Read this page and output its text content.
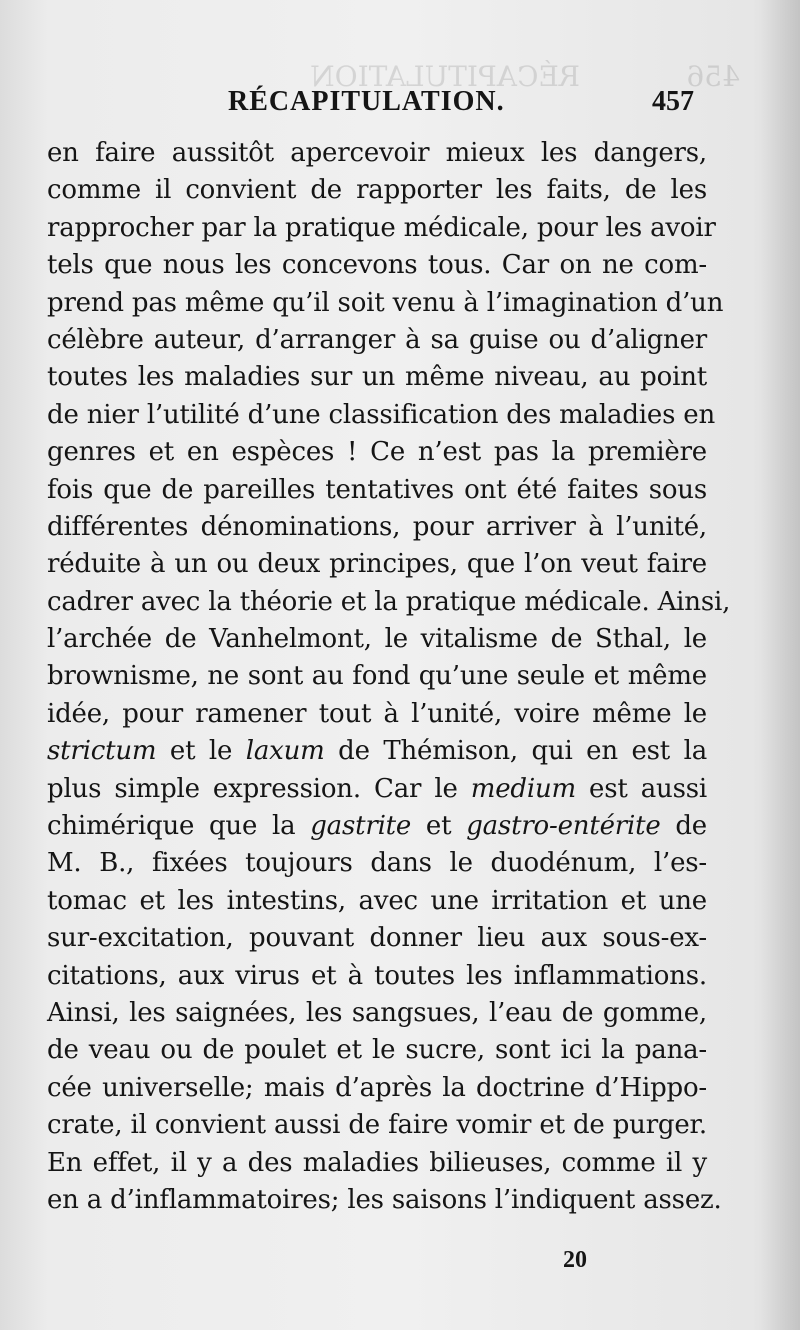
456
RÉCAPITULATION
RÉCAPITULATION.	457
en faire aussitôt apercevoir mieux les dangers,
comme il convient de rapporter les faits, de les
rapprocher par la pratique médicale, pour les avoir
tels que nous les concevons tous. Car on ne com-
prend pas même qu’il soit venu à l’imagination d’un
célèbre auteur, d’arranger à sa guise ou d’aligner
toutes les maladies sur un même niveau, au point
de nier l’utilité d’une classification des maladies en
genres et en espèces ! Ce n’est pas la première
fois que de pareilles tentatives ont été faites sous
différentes dénominations, pour arriver à l’unité,
réduite à un ou deux principes, que l’on veut faire
cadrer avec la théorie et la pratique médicale. Ainsi,
l’archée de Vanhelmont, le vitalisme de Sthal, le
brownisme, ne sont au fond qu’une seule et même
idée, pour ramener tout à l’unité, voire même le
strictum et le laxum de Thémison, qui en est la
plus simple expression. Car le medium est aussi
chimérique que la gastrite et gastro-entérite de
M. B., fixées toujours dans le duodénum, l’es-
tomac et les intestins, avec une irritation et une
sur-excitation, pouvant donner lieu aux sous-ex-
citations, aux virus et à toutes les inflammations.
Ainsi, les saignées, les sangsues, l’eau de gomme,
de veau ou de poulet et le sucre, sont ici la pana-
cée universelle; mais d’après la doctrine d’Hippo-
crate, il convient aussi de faire vomir et de purger.
En effet, il y a des maladies bilieuses, comme il y
en a d’inflammatoires; les saisons l’indiquent assez.
20
